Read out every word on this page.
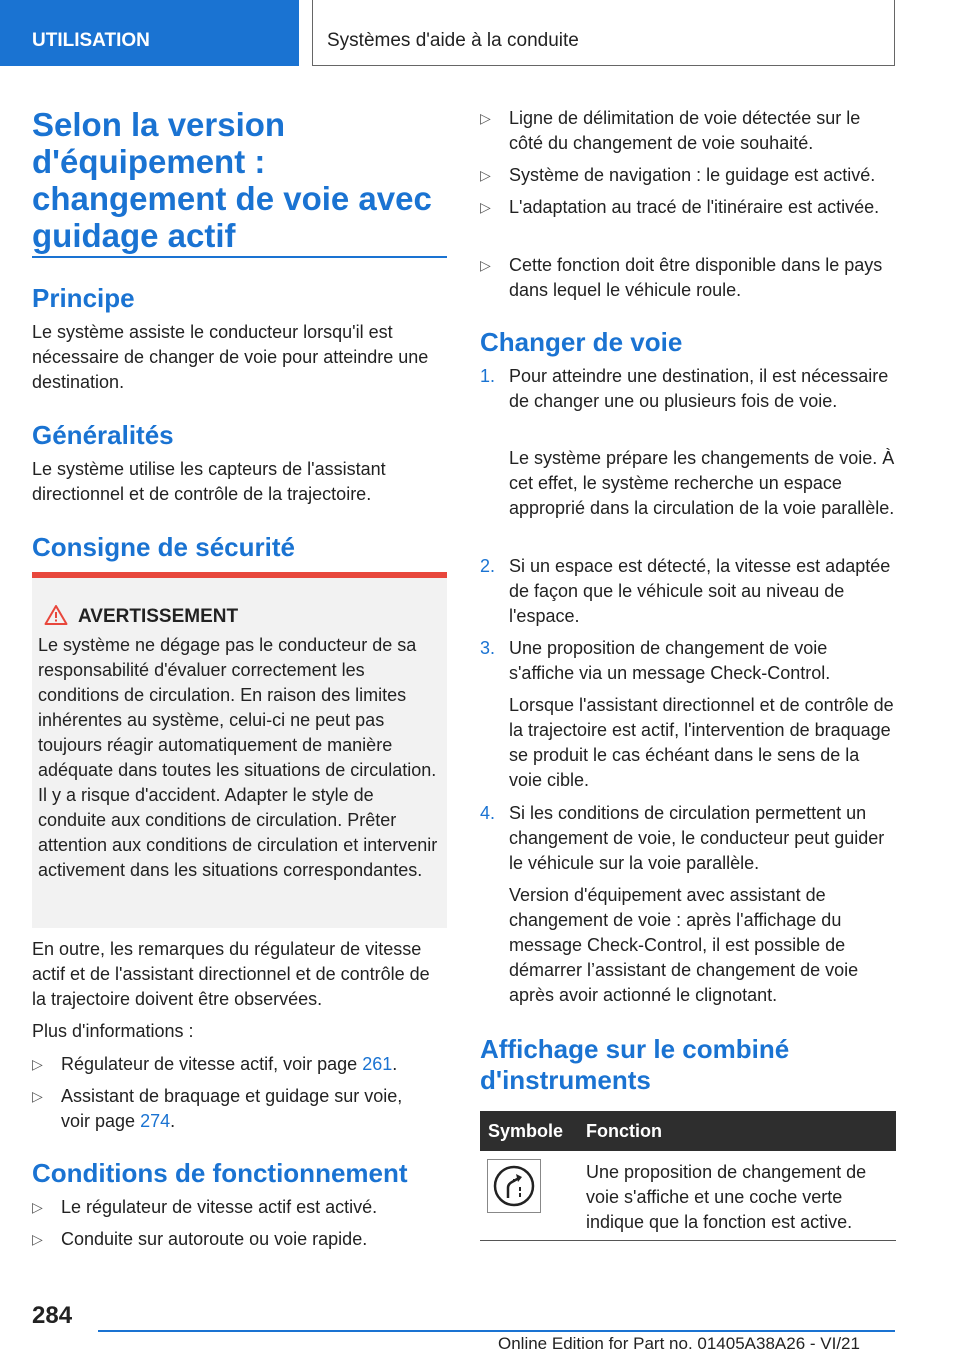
UTILISATION	Systèmes d'aide à la conduite
Selon la version d'équipement : changement de voie avec guidage actif
Principe

Le système assiste le conducteur lorsqu'il est nécessaire de changer de voie pour atteindre une destination.

Généralités

Le système utilise les capteurs de l'assistant directionnel et de contrôle de la trajectoire.

Consigne de sécurité
AVERTISSEMENT
Le système ne dégage pas le conducteur de sa responsabilité d'évaluer correctement les conditions de circulation. En raison des limites inhérentes au système, celui-ci ne peut pas toujours réagir automatiquement de manière adéquate dans toutes les situations de circulation. Il y a risque d'accident. Adapter le style de conduite aux conditions de circulation. Prêter attention aux conditions de circulation et intervenir activement dans les situations correspondantes.

En outre, les remarques du régulateur de vitesse actif et de l'assistant directionnel et de contrôle de la trajectoire doivent être observées.

Plus d'informations :

▷ Régulateur de vitesse actif, voir page 261.
▷ Assistant de braquage et guidage sur voie, voir page 274.
Conditions de fonctionnement
▷ Le régulateur de vitesse actif est activé.
▷ Conduite sur autoroute ou voie rapide.
▷ Ligne de délimitation de voie détectée sur le côté du changement de voie souhaité.
▷ Système de navigation : le guidage est activé.
▷ L'adaptation au tracé de l'itinéraire est activée.
▷ Cette fonction doit être disponible dans le pays dans lequel le véhicule roule.
Changer de voie
1. Pour atteindre une destination, il est nécessaire de changer une ou plusieurs fois de voie.

Le système prépare les changements de voie. À cet effet, le système recherche un espace approprié dans la circulation de la voie parallèle.

2. Si un espace est détecté, la vitesse est adaptée de façon que le véhicule soit au niveau de l'espace.
3. Une proposition de changement de voie s'affiche via un message Check-Control.

Lorsque l'assistant directionnel et de contrôle de la trajectoire est actif, l'intervention de braquage se produit le cas échéant dans le sens de la voie cible.

4. Si les conditions de circulation permettent un changement de voie, le conducteur peut guider le véhicule sur la voie parallèle.

Version d'équipement avec assistant de changement de voie : après l'affichage du message Check-Control, il est possible de démarrer l’assistant de changement de voie après avoir actionné le clignotant.

Affichage sur le combiné d'instruments
Symbole Fonction

Une proposition de changement de voie s'affiche et une coche verte indique que la fonction est active.

284
Online Edition for Part no. 01405A38A26 - VI/21
